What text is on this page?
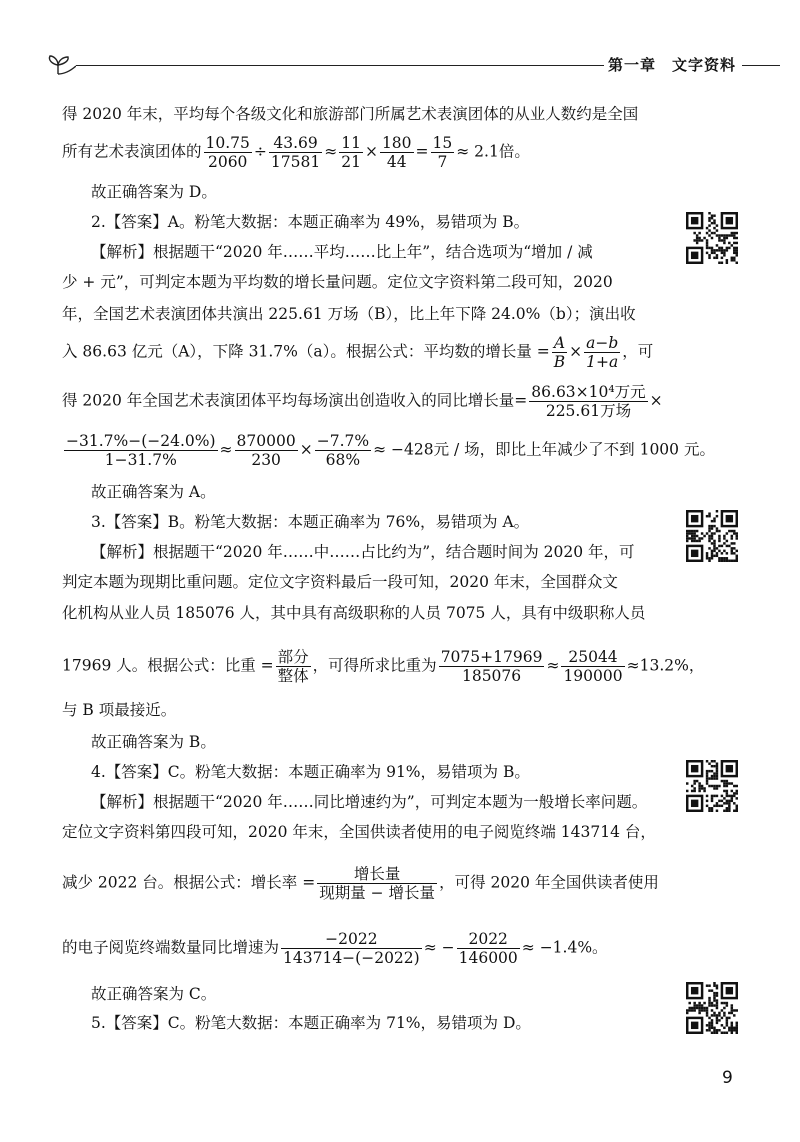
第一章　文字资料
得 2020 年末，平均每个各级文化和旅游部门所属艺术表演团体的从业人数约是全国
所有艺术表演团体的 $\frac{10.75}{2060} \div \frac{43.69}{17581} \approx \frac{11}{21} \times \frac{180}{44} = \frac{15}{7} \approx 2.1$倍。
故正确答案为 D。
2.【答案】A。粉笔大数据：本题正确率为 49%，易错项为 B。
【解析】根据题干“2020 年……平均……比上年”，结合选项为“增加 / 减
少 + 元”，可判定本题为平均数的增长量问题。定位文字资料第二段可知，2020
年，全国艺术表演团体共演出 225.61 万场（B），比上年下降 24.0%（b）；演出收
入 86.63 亿元（A），下降 31.7%（a）。根据公式：平均数的增长量 = $\frac{A}{B} \times \frac{a-b}{1+a}$ ，可
得 2020 年全国艺术表演团体平均每场演出创造收入的同比增长量= $\frac{\text{86.63×10⁴万元}}{\text{225.61万场}}$ ×
$\frac{-31.7\%-(-24.0\%)}{1-31.7\%} \approx \frac{870000}{230} \times \frac{-7.7\%}{68\%} \approx -428$元 / 场，即比上年减少了不到 1000 元。
故正确答案为 A。
3.【答案】B。粉笔大数据：本题正确率为 76%，易错项为 A。
【解析】根据题干“2020 年……中……占比约为”，结合题时间为 2020 年，可
判定本题为现期比重问题。定位文字资料最后一段可知，2020 年末，全国群众文
化机构从业人员 185076 人，其中具有高级职称的人员 7075 人，具有中级职称人员
17969 人。根据公式：比重 = $\frac{\text{部分}}{\text{整体}}$ ，可得所求比重为 $\frac{7075+17969}{185076} \approx \frac{25044}{190000} \approx 13.2\%$，
与 B 项最接近。
故正确答案为 B。
4.【答案】C。粉笔大数据：本题正确率为 91%，易错项为 B。
【解析】根据题干“2020 年……同比增速约为”，可判定本题为一般增长率问题。
定位文字资料第四段可知，2020 年末，全国供读者使用的电子阅览终端 143714 台，
减少 2022 台。根据公式：增长率 = $\frac{\text{增长量}}{\text{现期量 − 增长量}}$ ，可得 2020 年全国供读者使用
的电子阅览终端数量同比增速为 $\frac{-2022}{143714-(-2022)}$ ≈ − $\frac{2022}{146000} \approx -1.4\%$。
故正确答案为 C。
5.【答案】C。粉笔大数据：本题正确率为 71%，易错项为 D。
9
